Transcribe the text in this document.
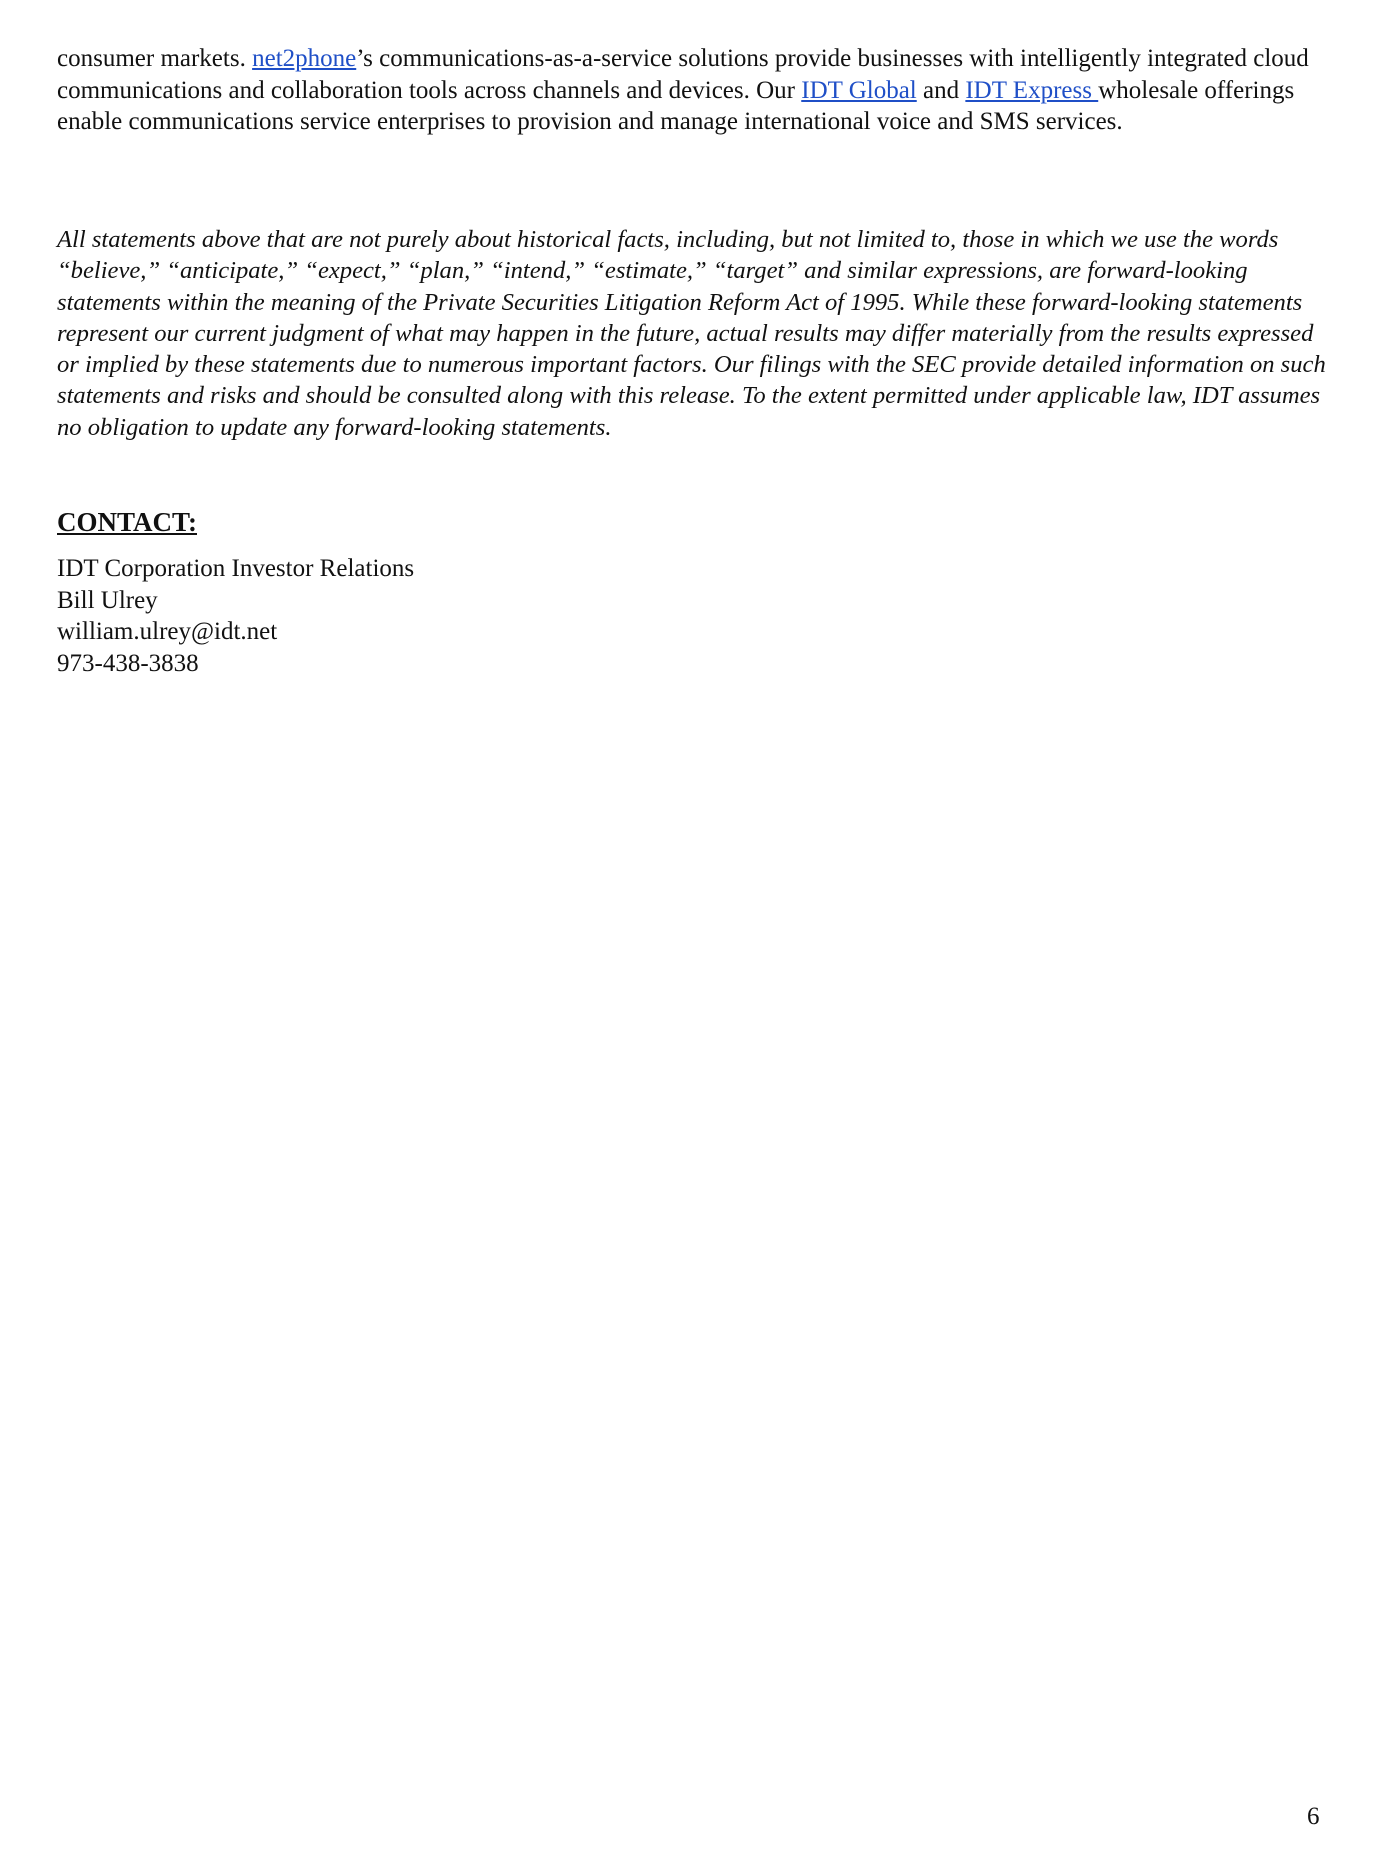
consumer markets. net2phone’s communications-as-a-service solutions provide businesses with intelligently integrated cloud communications and collaboration tools across channels and devices. Our IDT Global and IDT Express wholesale offerings enable communications service enterprises to provision and manage international voice and SMS services.
All statements above that are not purely about historical facts, including, but not limited to, those in which we use the words “believe,” “anticipate,” “expect,” “plan,” “intend,” “estimate,” “target” and similar expressions, are forward-looking statements within the meaning of the Private Securities Litigation Reform Act of 1995. While these forward-looking statements represent our current judgment of what may happen in the future, actual results may differ materially from the results expressed or implied by these statements due to numerous important factors. Our filings with the SEC provide detailed information on such statements and risks and should be consulted along with this release. To the extent permitted under applicable law, IDT assumes no obligation to update any forward-looking statements.
CONTACT:
IDT Corporation Investor Relations
Bill Ulrey
william.ulrey@idt.net
973-438-3838
6
